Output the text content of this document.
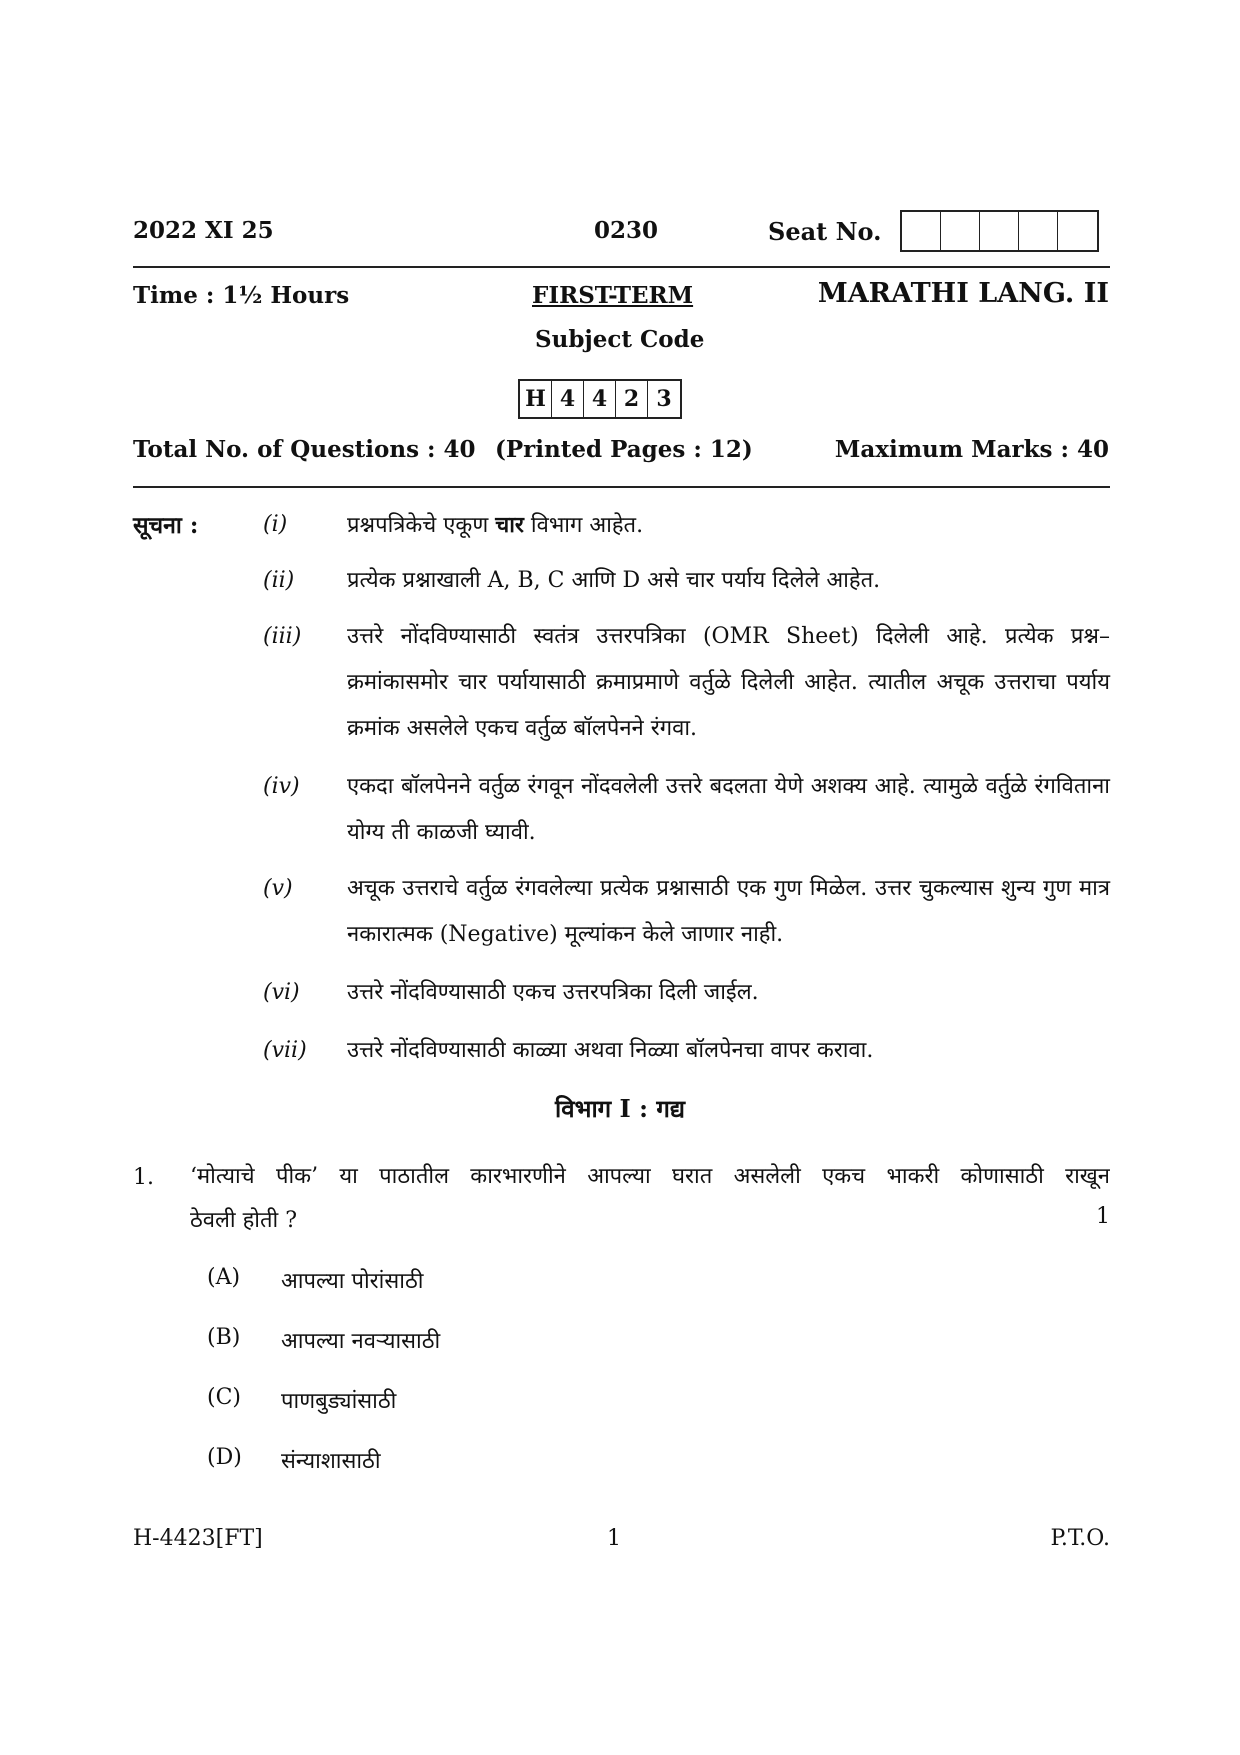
2022 XI 25	0230	Seat No.
Time : 1½ Hours	FIRST-TERM	MARATHI LANG. II
Subject Code
H 4 4 2 3
Total No. of Questions : 40 (Printed Pages : 12)	Maximum Marks : 40
सूचना :	(i)	प्रश्नपत्रिकेचे एकूण चार विभाग आहेत.
(ii) प्रत्येक प्रश्नाखाली A, B, C आणि D असे चार पर्याय दिलेले आहेत.
(iii) उत्तरे नोंदविण्यासाठी स्वतंत्र उत्तरपत्रिका (OMR Sheet) दिलेली आहे. प्रत्येक प्रश्न– क्रमांकासमोर चार पर्यायासाठी क्रमाप्रमाणे वर्तुळे दिलेली आहेत. त्यातील अचूक उत्तराचा पर्याय क्रमांक असलेले एकच वर्तुळ बॉलपेनने रंगवा.
(iv) एकदा बॉलपेनने वर्तुळ रंगवून नोंदवलेली उत्तरे बदलता येणे अशक्य आहे. त्यामुळे वर्तुळे रंगविताना योग्य ती काळजी घ्यावी.
(v) अचूक उत्तराचे वर्तुळ रंगवलेल्या प्रत्येक प्रश्नासाठी एक गुण मिळेल. उत्तर चुकल्यास शुन्य गुण मात्र नकारात्मक (Negative) मूल्यांकन केले जाणार नाही.
(vi) उत्तरे नोंदविण्यासाठी एकच उत्तरपत्रिका दिली जाईल.
(vii) उत्तरे नोंदविण्यासाठी काळ्या अथवा निळ्या बॉलपेनचा वापर करावा.
विभाग I : गद्य
1. ‘मोत्याचे पीक’ या पाठातील कारभारणीने आपल्या घरात असलेली एकच भाकरी कोणासाठी राखून
ठेवली होती ?	1
(A) आपल्या पोरांसाठी
(B) आपल्या नवऱ्यासाठी
(C) पाणबुड्यांसाठी
(D) संन्याशासाठी
H-4423[FT]	1	P.T.O.
